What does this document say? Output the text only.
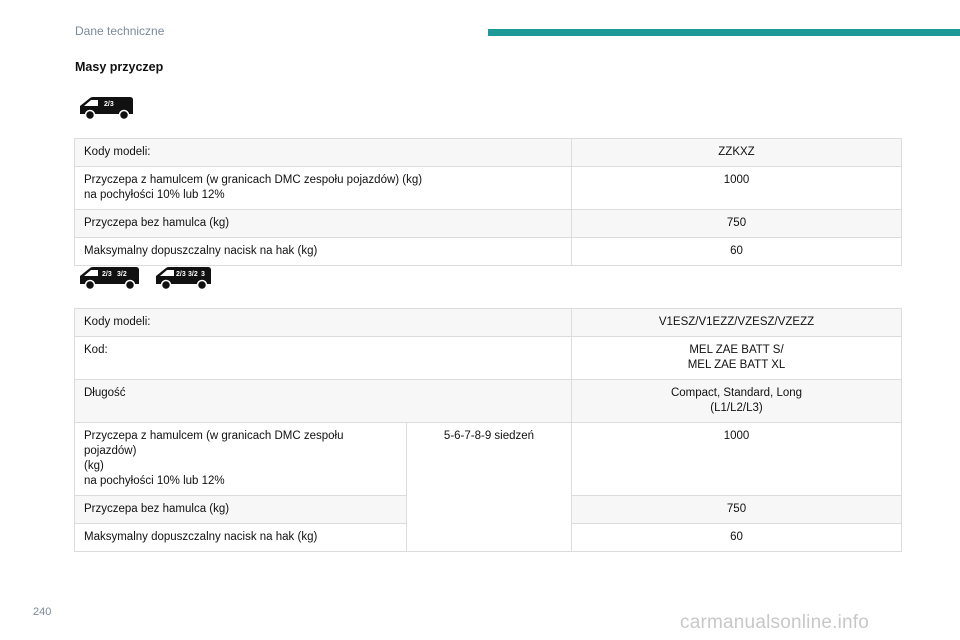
Dane techniczne
Masy przyczep
2/3
Kody modeli:	ZZKXZ

Przyczepa z hamulcem (w granicach DMC zespołu pojazdów) (kg)
na pochyłości 10% lub 12%	1000
Przyczepa bez hamulca (kg)	750
Maksymalny dopuszczalny nacisk na hak (kg)	60
2/3 3/2	2/3 3/2 3
Kody modeli:		V1ESZ/V1EZZ/VZESZ/VZEZZ
Kod:		MEL ZAE BATT S/
MEL ZAE BATT XL

Długość		Compact, Standard, Long
(L1/L2/L3)

Przyczepa z hamulcem (w granicach DMC zespołu pojazdów)
(kg)
na pochyłości 10% lub 12%	5-6-7-8-9 siedzeń	1000
Przyczepa bez hamulca (kg)		750
Maksymalny dopuszczalny nacisk na hak (kg)		60
240	carmanualsonline.info
